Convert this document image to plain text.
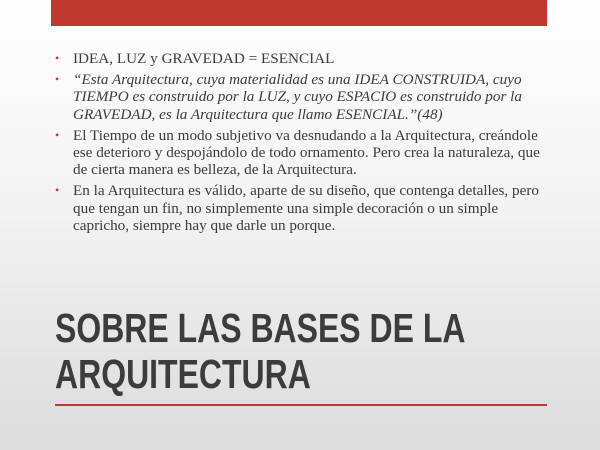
• IDEA, LUZ y GRAVEDAD = ESENCIAL
• “Esta Arquitectura, cuya materialidad es una IDEA CONSTRUIDA, cuyo TIEMPO es construido por la LUZ, y cuyo ESPACIO es construido por la GRAVEDAD, es la Arquitectura que llamo ESENCIAL.”(48)
• El Tiempo de un modo subjetivo va desnudando a la Arquitectura, creándole ese deterioro y despojándolo de todo ornamento. Pero crea la naturaleza, que de cierta manera es belleza, de la Arquitectura.
• En la Arquitectura es válido, aparte de su diseño, que contenga detalles, pero que tengan un fin, no simplemente una simple decoración o un simple capricho, siempre hay que darle un porque.
SOBRE LAS BASES DE LA
ARQUITECTURA
